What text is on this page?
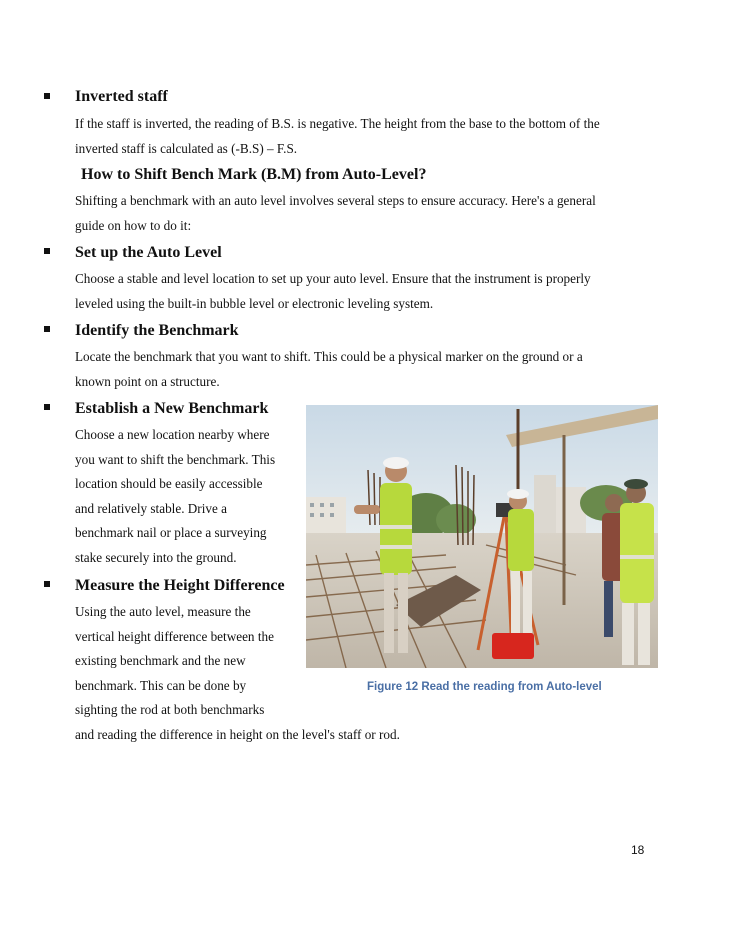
Inverted staff

If the staff is inverted, the reading of B.S. is negative. The height from the base to the bottom of the
inverted staff is calculated as (-B.S) – F.S.

How to Shift Bench Mark (B.M) from Auto-Level?

Shifting a benchmark with an auto level involves several steps to ensure accuracy. Here's a general
guide on how to do it:

Set up the Auto Level

Choose a stable and level location to set up your auto level. Ensure that the instrument is properly
leveled using the built-in bubble level or electronic leveling system.

Identify the Benchmark

Locate the benchmark that you want to shift. This could be a physical marker on the ground or a
known point on a structure.

Establish a New Benchmark

Choose a new location nearby where
you want to shift the benchmark. This
location should be easily accessible
and relatively stable. Drive a
benchmark nail or place a surveying
stake securely into the ground.

Measure the Height Difference

Using the auto level, measure the
vertical height difference between the
existing benchmark and the new
benchmark. This can be done by
sighting the rod at both benchmarks
and reading the difference in height on the level's staff or rod.

Figure 12 Read the reading from Auto-level
18
